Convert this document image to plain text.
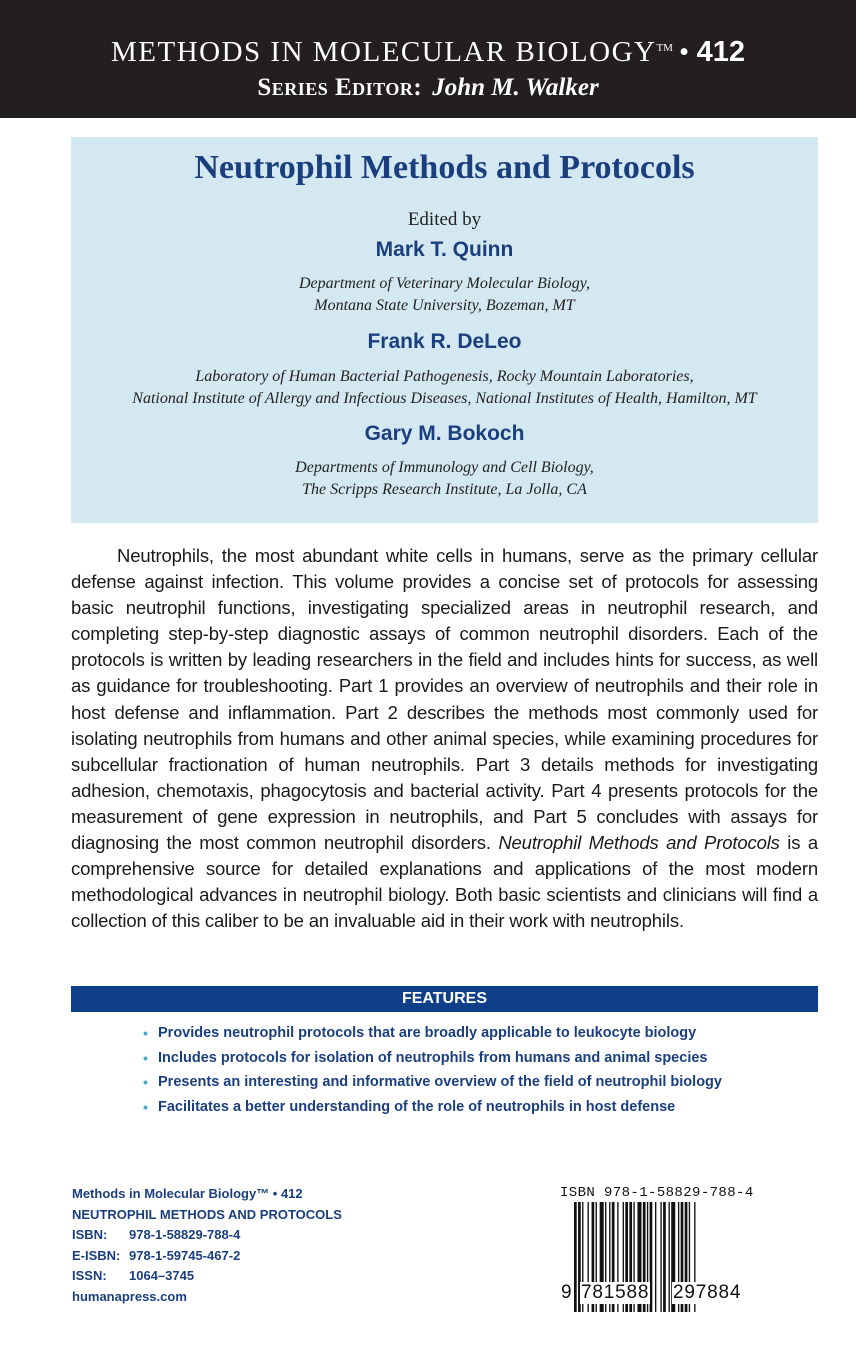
METHODS IN MOLECULAR BIOLOGY™ • 412
Series Editor: John M. Walker
Neutrophil Methods and Protocols
Edited by
Mark T. Quinn
Department of Veterinary Molecular Biology,
Montana State University, Bozeman, MT
Frank R. DeLeo
Laboratory of Human Bacterial Pathogenesis, Rocky Mountain Laboratories,
National Institute of Allergy and Infectious Diseases, National Institutes of Health, Hamilton, MT
Gary M. Bokoch
Departments of Immunology and Cell Biology,
The Scripps Research Institute, La Jolla, CA

Neutrophils, the most abundant white cells in humans, serve as the primary cellular defense against infection. This volume provides a concise set of protocols for assessing basic neutrophil functions, investigating specialized areas in neutrophil research, and completing step-by-step diagnostic assays of common neutrophil disorders. Each of the protocols is written by leading researchers in the field and includes hints for success, as well as guidance for troubleshooting. Part 1 provides an overview of neutrophils and their role in host defense and inflammation. Part 2 describes the methods most commonly used for isolating neutrophils from humans and other animal species, while examining procedures for subcellular fractionation of human neutrophils. Part 3 details methods for investigating adhesion, chemotaxis, phagocytosis and bacterial activity. Part 4 presents protocols for the measurement of gene expression in neutrophils, and Part 5 concludes with assays for diagnosing the most common neutrophil disorders. Neutrophil Methods and Protocols is a comprehensive source for detailed explanations and applications of the most modern methodological advances in neutrophil biology. Both basic scientists and clinicians will find a collection of this caliber to be an invaluable aid in their work with neutrophils.

FEATURES
• Provides neutrophil protocols that are broadly applicable to leukocyte biology
• Includes protocols for isolation of neutrophils from humans and animal species
• Presents an interesting and informative overview of the field of neutrophil biology
• Facilitates a better understanding of the role of neutrophils in host defense
Methods in Molecular Biology™ • 412
NEUTROPHIL METHODS AND PROTOCOLS
ISBN: 978-1-58829-788-4
E-ISBN: 978-1-59745-467-2
ISSN: 1064–3745
humanapress.com
ISBN 978-1-58829-788-4
9 781588 297884
